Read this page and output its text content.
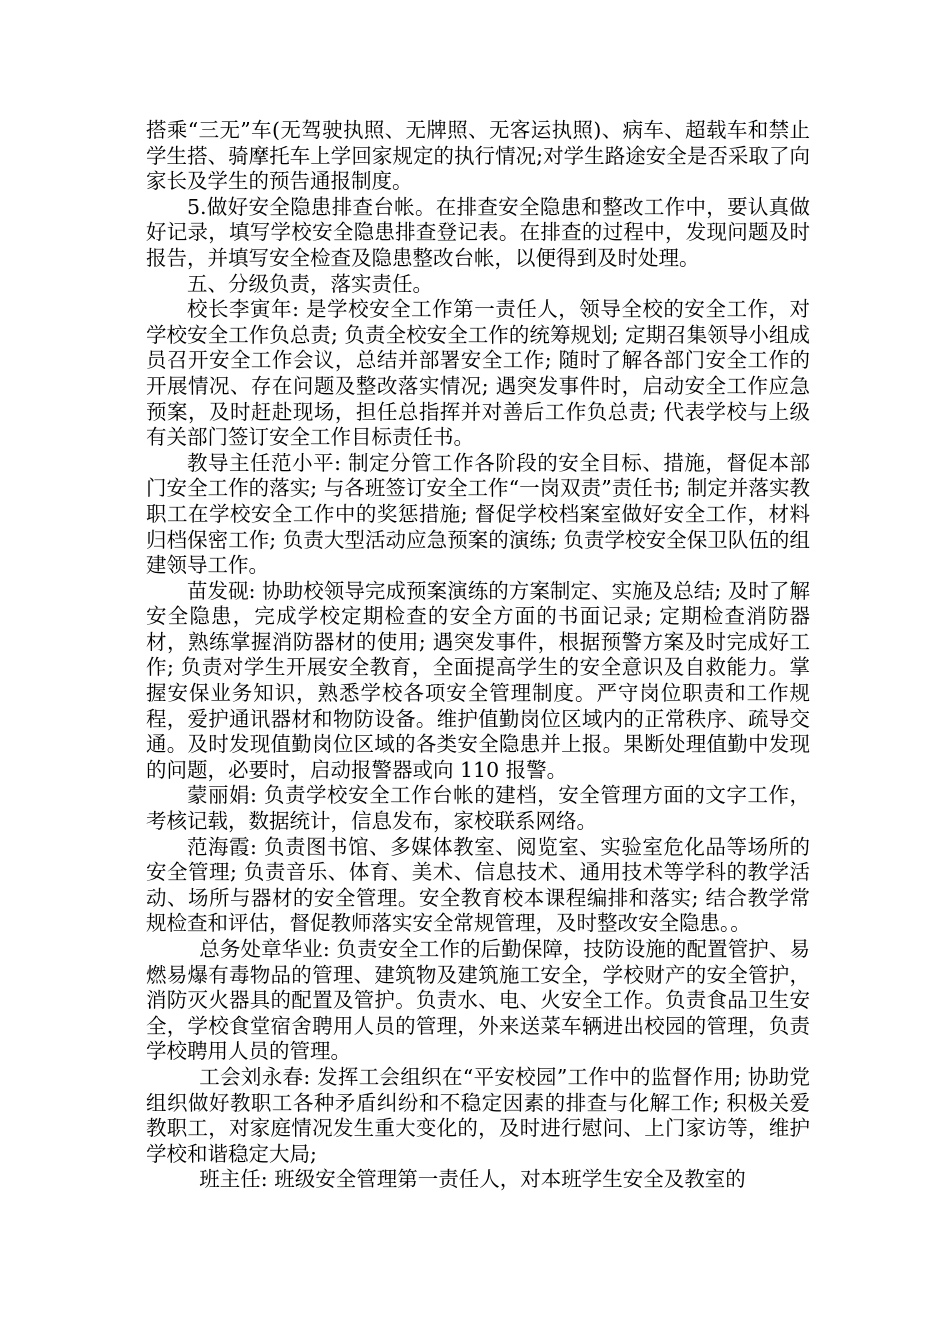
搭乘“三无”车(无驾驶执照、无牌照、无客运执照)、病车、超载车和禁止学生搭、骑摩托车上学回家规定的执行情况;对学生路途安全是否采取了向家长及学生的预告通报制度。

5.做好安全隐患排查台帐。在排查安全隐患和整改工作中，要认真做好记录，填写学校安全隐患排查登记表。在排查的过程中，发现问题及时报告，并填写安全检查及隐患整改台帐，以便得到及时处理。

五、分级负责，落实责任。

校长李寅年: 是学校安全工作第一责任人，领导全校的安全工作，对学校安全工作负总责; 负责全校安全工作的统筹规划; 定期召集领导小组成员召开安全工作会议，总结并部署安全工作; 随时了解各部门安全工作的开展情况、存在问题及整改落实情况; 遇突发事件时，启动安全工作应急预案，及时赶赴现场，担任总指挥并对善后工作负总责; 代表学校与上级有关部门签订安全工作目标责任书。

教导主任范小平: 制定分管工作各阶段的安全目标、措施，督促本部门安全工作的落实; 与各班签订安全工作“一岗双责”责任书; 制定并落实教职工在学校安全工作中的奖惩措施; 督促学校档案室做好安全工作，材料归档保密工作; 负责大型活动应急预案的演练; 负责学校安全保卫队伍的组建领导工作。

苗发砚: 协助校领导完成预案演练的方案制定、实施及总结; 及时了解安全隐患，完成学校定期检查的安全方面的书面记录; 定期检查消防器材，熟练掌握消防器材的使用; 遇突发事件，根据预警方案及时完成好工作; 负责对学生开展安全教育，全面提高学生的安全意识及自救能力。掌握安保业务知识，熟悉学校各项安全管理制度。严守岗位职责和工作规程，爱护通讯器材和物防设备。维护值勤岗位区域内的正常秩序、疏导交通。及时发现值勤岗位区域的各类安全隐患并上报。果断处理值勤中发现的问题，必要时，启动报警器或向 110 报警。

蒙丽娟: 负责学校安全工作台帐的建档，安全管理方面的文字工作，考核记载，数据统计，信息发布，家校联系网络。

范海霞: 负责图书馆、多媒体教室、阅览室、实验室危化品等场所的安全管理; 负责音乐、体育、美术、信息技术、通用技术等学科的教学活动、场所与器材的安全管理。安全教育校本课程编排和落实; 结合教学常规检查和评估，督促教师落实安全常规管理，及时整改安全隐患。。

总务处章华业: 负责安全工作的后勤保障，技防设施的配置管护、易燃易爆有毒物品的管理、建筑物及建筑施工安全，学校财产的安全管护，消防灭火器具的配置及管护。负责水、电、火安全工作。负责食品卫生安全，学校食堂宿舍聘用人员的管理，外来送菜车辆进出校园的管理，负责学校聘用人员的管理。

工会刘永春: 发挥工会组织在“平安校园”工作中的监督作用; 协助党组织做好教职工各种矛盾纠纷和不稳定因素的排查与化解工作; 积极关爱教职工，对家庭情况发生重大变化的，及时进行慰问、上门家访等，维护学校和谐稳定大局;

班主任: 班级安全管理第一责任人，对本班学生安全及教室的
